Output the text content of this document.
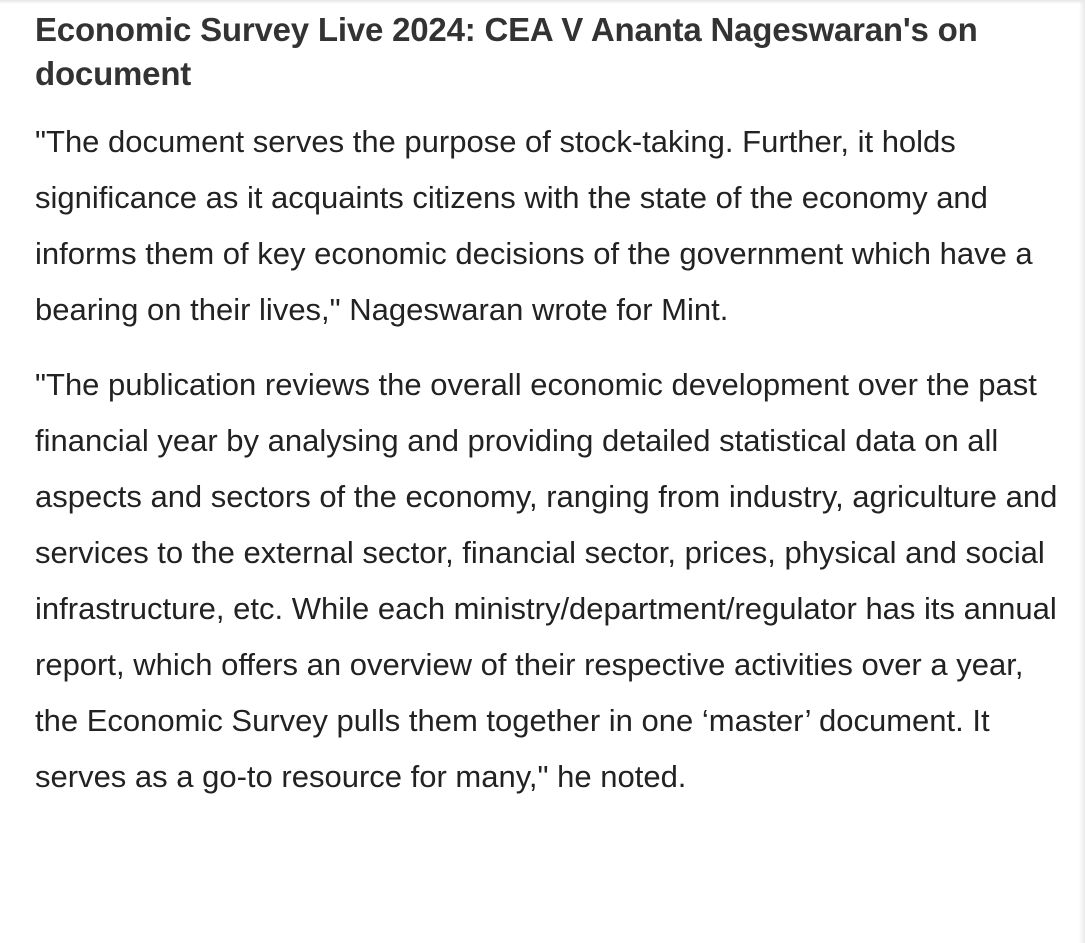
Economic Survey Live 2024: CEA V Ananta Nageswaran's on document

"The document serves the purpose of stock-taking. Further, it holds significance as it acquaints citizens with the state of the economy and informs them of key economic decisions of the government which have a bearing on their lives," Nageswaran wrote for Mint.

"The publication reviews the overall economic development over the past financial year by analysing and providing detailed statistical data on all aspects and sectors of the economy, ranging from industry, agriculture and services to the external sector, financial sector, prices, physical and social infrastructure, etc. While each ministry/department/regulator has its annual report, which offers an overview of their respective activities over a year, the Economic Survey pulls them together in one ‘master’ document. It serves as a go-to resource for many," he noted.
